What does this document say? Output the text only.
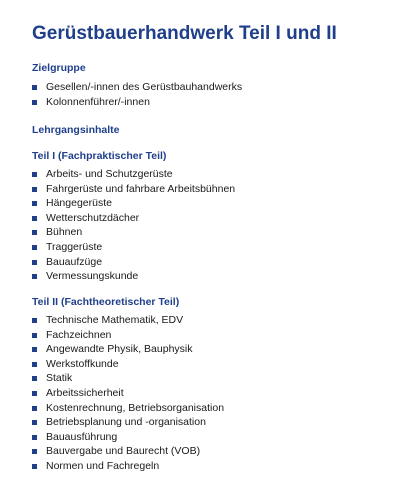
Gerüstbauerhandwerk Teil I und II
Zielgruppe
Gesellen/-innen des Gerüstbauhandwerks
Kolonnenführer/-innen
Lehrgangsinhalte
Teil I (Fachpraktischer Teil)
Arbeits- und Schutzgerüste
Fahrgerüste und fahrbare Arbeitsbühnen
Hängegerüste
Wetterschutzdächer
Bühnen
Traggerüste
Bauaufzüge
Vermessungskunde
Teil II (Fachtheoretischer Teil)
Technische Mathematik, EDV
Fachzeichnen
Angewandte Physik, Bauphysik
Werkstoffkunde
Statik
Arbeitssicherheit
Kostenrechnung, Betriebsorganisation
Betriebsplanung und -organisation
Bauausführung
Bauvergabe und Baurecht (VOB)
Normen und Fachregeln
